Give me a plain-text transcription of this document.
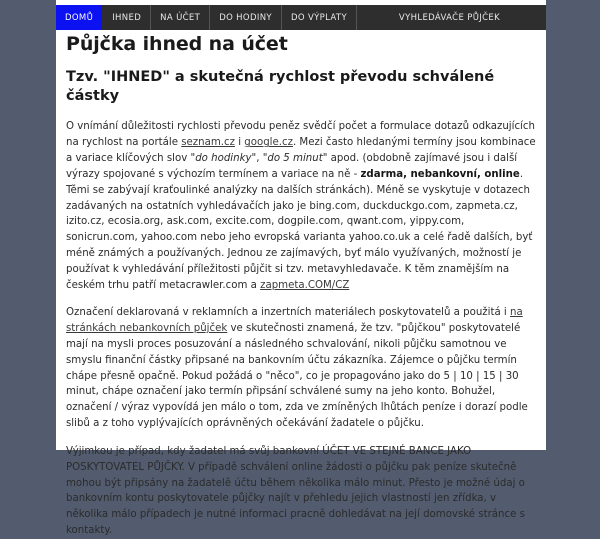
DOMŮ IHNED NA ÚČET DO HODINY DO VÝPLATY	VYHLEDÁVAČE PŮJČEK
Půjčka ihned na účet
Tzv. "IHNED" a skutečná rychlost převodu schválené částky

O vnímání důležitosti rychlosti převodu peněz svědčí počet a formulace dotazů odkazujících na rychlost na portále seznam.cz i google.cz. Mezi často hledanými termíny jsou kombinace a variace klíčových slov "do hodinky", "do 5 minut" apod. (obdobně zajímavé jsou i další výrazy spojované s výchozím termínem a variace na ně - zdarma, nebankovní, online. Těmi se zabývají kraťoulinké analýzky na dalších stránkách). Méně se vyskytuje v dotazech zadávaných na ostatních vyhledávačích jako je bing.com, duckduckgo.com, zapmeta.cz, izito.cz, ecosia.org, ask.com, excite.com, dogpile.com, qwant.com, yippy.com, sonicrun.com, yahoo.com nebo jeho evropská varianta yahoo.co.uk a celé řadě dalších, byť méně známých a používaných. Jednou ze zajímavých, byť málo využívaných, možností je používat k vyhledávání příležitosti půjčit si tzv. metavyhledavače. K těm znamějším na českém trhu patří metacrawler.com a zapmeta.COM/CZ

Označení deklarovaná v reklamních a inzertních materiálech poskytovatelů a použitá i na stránkách nebankovních půjček ve skutečnosti znamená, že tzv. "půjčkou" poskytovatelé mají na mysli proces posuzování a následného schvalování, nikoli půjčku samotnou ve smyslu finanční částky připsané na bankovním účtu zákazníka. Zájemce o půjčku termín chápe přesně opačně. Pokud požádá o "něco", co je propagováno jako do 5 | 10 | 15 | 30 minut, chápe označení jako termín připsání schválené sumy na jeho konto. Bohužel, označení / výraz vypovídá jen málo o tom, zda ve zmíněných lhůtách peníze i dorazí podle slibů a z toho vyplývajících oprávněných očekávání žadatele o půjčku.

Výjimkou je případ, kdy žadatel má svůj bankovní ÚČET VE STEJNÉ BANCE JAKO POSKYTOVATEL PŮJČKY. V případě schválení online žádosti o půjčku pak peníze skutečně mohou být připsány na žadatelě účtu během několika málo minut. Přesto je možné údaj o bankovním kontu poskytovatele půjčky najít v přehledu jejich vlastností jen zřídka, v několika málo případech je nutné informaci pracně dohledávat na její domovské stránce s kontakty.
